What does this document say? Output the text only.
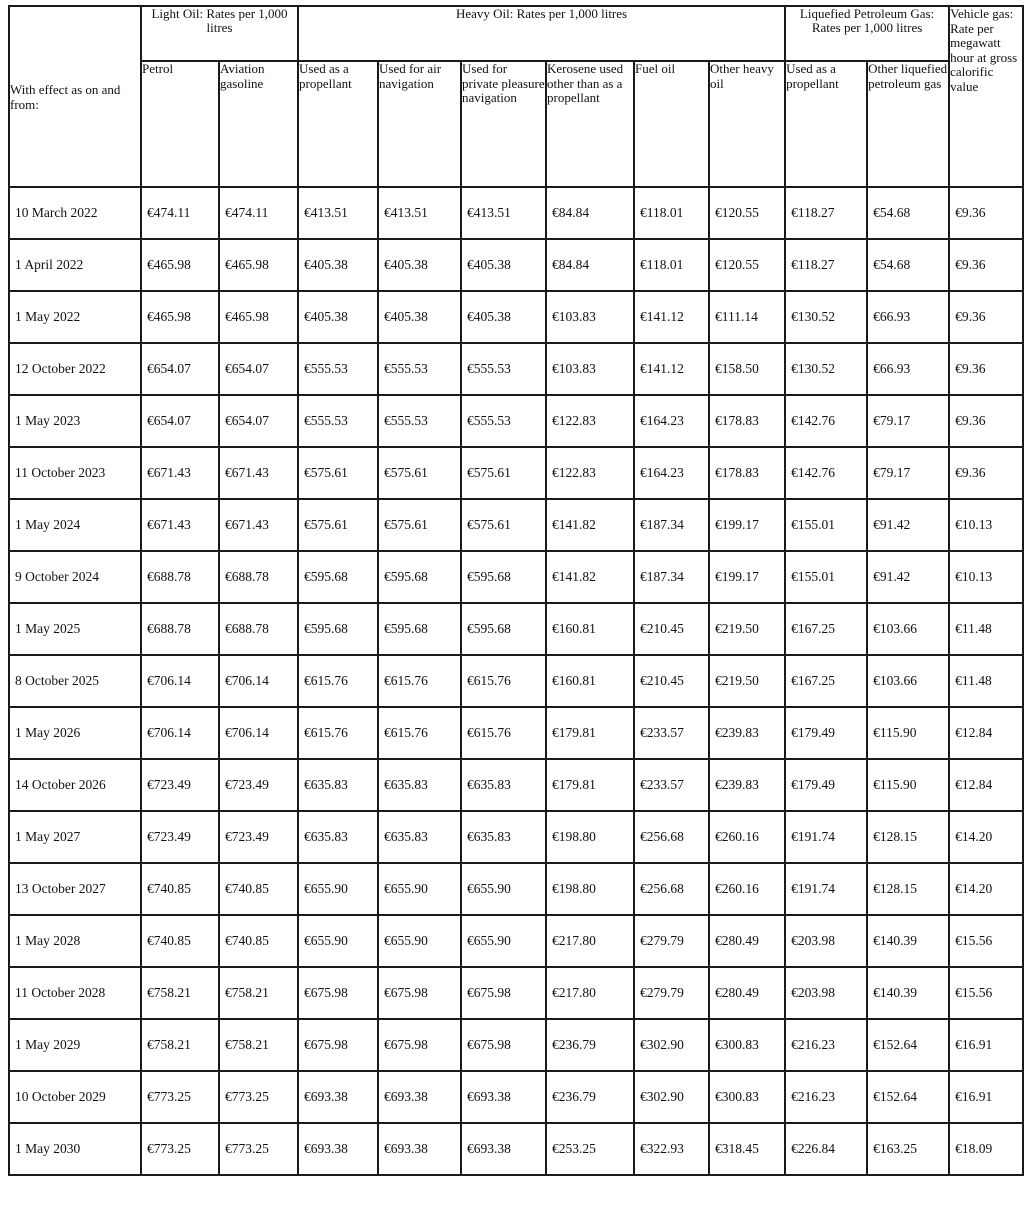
With effect as on and from:	Light Oil: Rates per 1,000 litres		Heavy Oil: Rates per 1,000 litres						Liquefied Petroleum Gas: Rates per 1,000 litres		Vehicle gas: Rate per megawatt hour at gross calorific value
	Petrol	Aviation gasoline	Used as a propellant	Used for air navigation	Used for private pleasure navigation	Kerosene used other than as a propellant	Fuel oil	Other heavy oil	Used as a propellant	Other liquefied petroleum gas	
10 March 2022	€474.11	€474.11	€413.51	€413.51	€413.51	€84.84	€118.01	€120.55	€118.27	€54.68	€9.36
1 April 2022	€465.98	€465.98	€405.38	€405.38	€405.38	€84.84	€118.01	€120.55	€118.27	€54.68	€9.36
1 May 2022	€465.98	€465.98	€405.38	€405.38	€405.38	€103.83	€141.12	€111.14	€130.52	€66.93	€9.36
12 October 2022	€654.07	€654.07	€555.53	€555.53	€555.53	€103.83	€141.12	€158.50	€130.52	€66.93	€9.36
1 May 2023	€654.07	€654.07	€555.53	€555.53	€555.53	€122.83	€164.23	€178.83	€142.76	€79.17	€9.36
11 October 2023	€671.43	€671.43	€575.61	€575.61	€575.61	€122.83	€164.23	€178.83	€142.76	€79.17	€9.36
1 May 2024	€671.43	€671.43	€575.61	€575.61	€575.61	€141.82	€187.34	€199.17	€155.01	€91.42	€10.13
9 October 2024	€688.78	€688.78	€595.68	€595.68	€595.68	€141.82	€187.34	€199.17	€155.01	€91.42	€10.13
1 May 2025	€688.78	€688.78	€595.68	€595.68	€595.68	€160.81	€210.45	€219.50	€167.25	€103.66	€11.48
8 October 2025	€706.14	€706.14	€615.76	€615.76	€615.76	€160.81	€210.45	€219.50	€167.25	€103.66	€11.48
1 May 2026	€706.14	€706.14	€615.76	€615.76	€615.76	€179.81	€233.57	€239.83	€179.49	€115.90	€12.84
14 October 2026	€723.49	€723.49	€635.83	€635.83	€635.83	€179.81	€233.57	€239.83	€179.49	€115.90	€12.84
1 May 2027	€723.49	€723.49	€635.83	€635.83	€635.83	€198.80	€256.68	€260.16	€191.74	€128.15	€14.20
13 October 2027	€740.85	€740.85	€655.90	€655.90	€655.90	€198.80	€256.68	€260.16	€191.74	€128.15	€14.20
1 May 2028	€740.85	€740.85	€655.90	€655.90	€655.90	€217.80	€279.79	€280.49	€203.98	€140.39	€15.56
11 October 2028	€758.21	€758.21	€675.98	€675.98	€675.98	€217.80	€279.79	€280.49	€203.98	€140.39	€15.56
1 May 2029	€758.21	€758.21	€675.98	€675.98	€675.98	€236.79	€302.90	€300.83	€216.23	€152.64	€16.91
10 October 2029	€773.25	€773.25	€693.38	€693.38	€693.38	€236.79	€302.90	€300.83	€216.23	€152.64	€16.91
1 May 2030	€773.25	€773.25	€693.38	€693.38	€693.38	€253.25	€322.93	€318.45	€226.84	€163.25	€18.09
